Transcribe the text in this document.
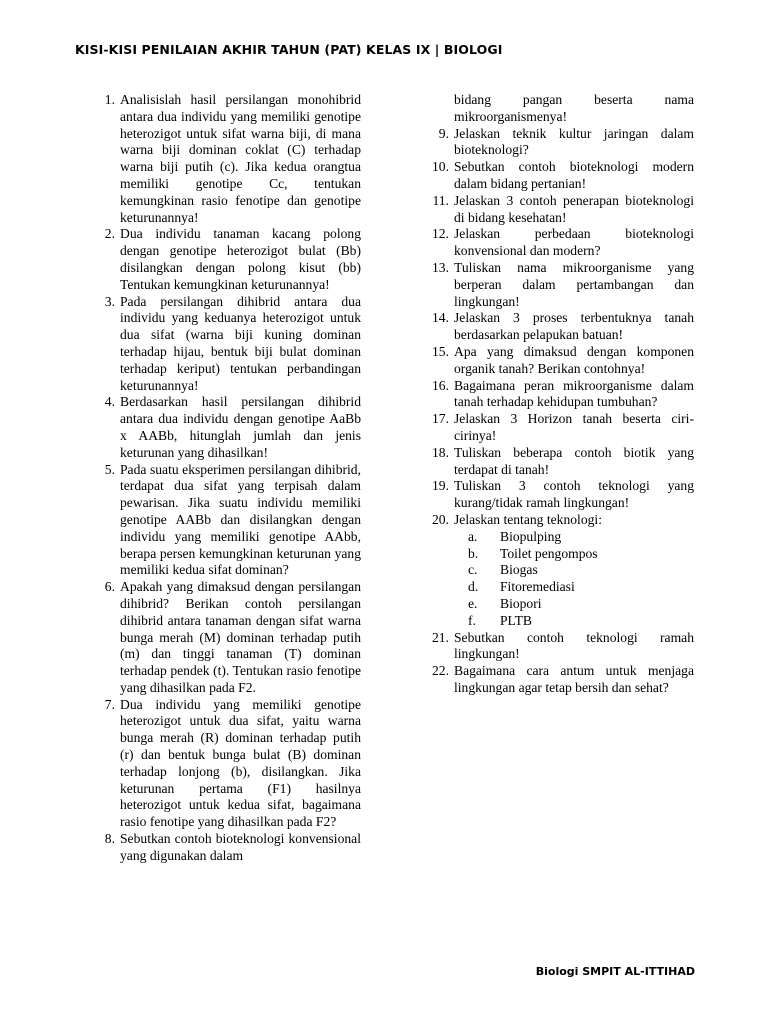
KISI-KISI PENILAIAN AKHIR TAHUN (PAT) KELAS IX | BIOLOGI
1. Analisislah hasil persilangan monohibrid antara dua individu yang memiliki genotipe heterozigot untuk sifat warna biji, di mana warna biji dominan coklat (C) terhadap warna biji putih (c). Jika kedua orangtua memiliki genotipe Cc, tentukan kemungkinan rasio fenotipe dan genotipe keturunannya!
2. Dua individu tanaman kacang polong dengan genotipe heterozigot bulat (Bb) disilangkan dengan polong kisut (bb) Tentukan kemungkinan keturunannya!
3. Pada persilangan dihibrid antara dua individu yang keduanya heterozigot untuk dua sifat (warna biji kuning dominan terhadap hijau, bentuk biji bulat dominan terhadap keriput) tentukan perbandingan keturunannya!
4. Berdasarkan hasil persilangan dihibrid antara dua individu dengan genotipe AaBb x AABb, hitunglah jumlah dan jenis keturunan yang dihasilkan!
5. Pada suatu eksperimen persilangan dihibrid, terdapat dua sifat yang terpisah dalam pewarisan. Jika suatu individu memiliki genotipe AABb dan disilangkan dengan individu yang memiliki genotipe AAbb, berapa persen kemungkinan keturunan yang memiliki kedua sifat dominan?
6. Apakah yang dimaksud dengan persilangan dihibrid? Berikan contoh persilangan dihibrid antara tanaman dengan sifat warna bunga merah (M) dominan terhadap putih (m) dan tinggi tanaman (T) dominan terhadap pendek (t). Tentukan rasio fenotipe yang dihasilkan pada F2.
7. Dua individu yang memiliki genotipe heterozigot untuk dua sifat, yaitu warna bunga merah (R) dominan terhadap putih (r) dan bentuk bunga bulat (B) dominan terhadap lonjong (b), disilangkan. Jika keturunan pertama (F1) hasilnya heterozigot untuk kedua sifat, bagaimana rasio fenotipe yang dihasilkan pada F2?
8. Sebutkan contoh bioteknologi konvensional yang digunakan dalam
bidang pangan beserta nama mikroorganismenya!
9. Jelaskan teknik kultur jaringan dalam bioteknologi?
10. Sebutkan contoh bioteknologi modern dalam bidang pertanian!
11. Jelaskan 3 contoh penerapan bioteknologi di bidang kesehatan!
12. Jelaskan perbedaan bioteknologi konvensional dan modern?
13. Tuliskan nama mikroorganisme yang berperan dalam pertambangan dan lingkungan!
14. Jelaskan 3 proses terbentuknya tanah berdasarkan pelapukan batuan!
15. Apa yang dimaksud dengan komponen organik tanah? Berikan contohnya!
16. Bagaimana peran mikroorganisme dalam tanah terhadap kehidupan tumbuhan?
17. Jelaskan 3 Horizon tanah beserta ciri-cirinya!
18. Tuliskan beberapa contoh biotik yang terdapat di tanah!
19. Tuliskan 3 contoh teknologi yang kurang/tidak ramah lingkungan!
20. Jelaskan tentang teknologi:
a.	Biopulping
b.	Toilet pengompos
c.	Biogas
d.	Fitoremediasi
e.	Biopori
f.	PLTB
21. Sebutkan contoh teknologi ramah lingkungan!
22. Bagaimana cara antum untuk menjaga lingkungan agar tetap bersih dan sehat?
Biologi SMPIT AL-ITTIHAD
